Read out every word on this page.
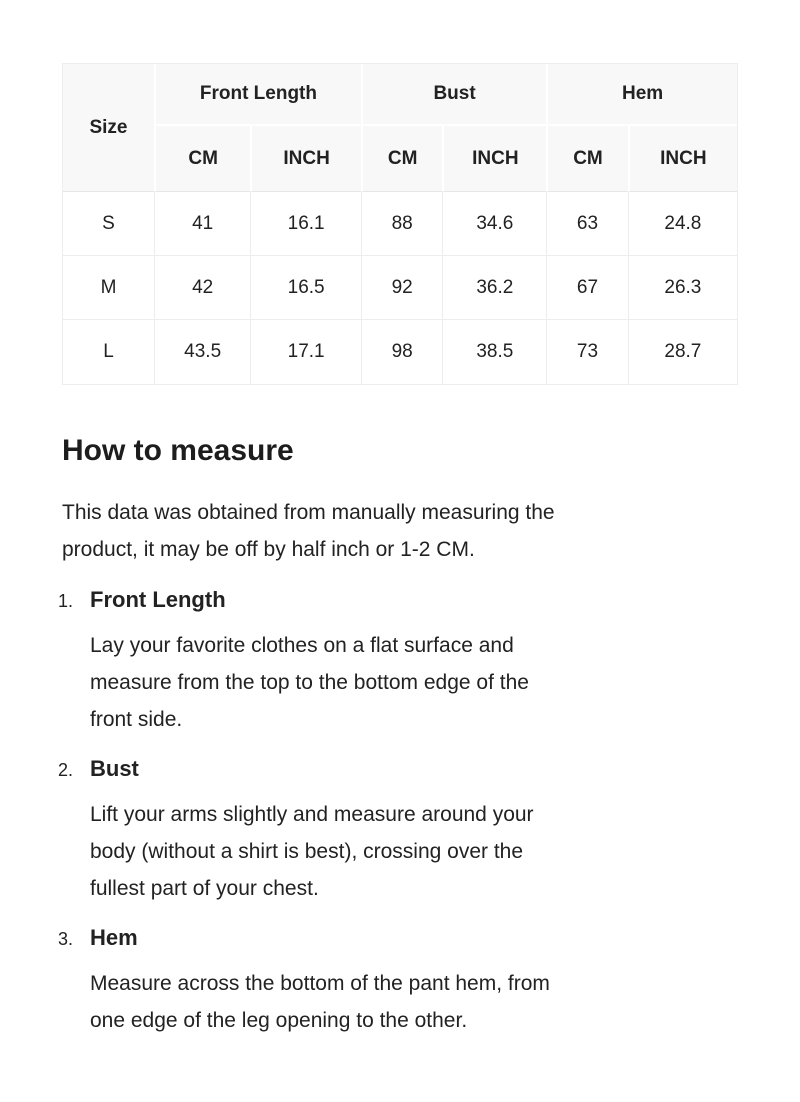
Size	Front Length		Bust		Hem	
	CM	INCH	CM	INCH	CM	INCH
S	41	16.1	88	34.6	63	24.8
M	42	16.5	92	36.2	67	26.3
L	43.5	17.1	98	38.5	73	28.7
How to measure
This data was obtained from manually measuring the
product, it may be off by half inch or 1-2 CM.
1. Front Length
Lay your favorite clothes on a flat surface and
measure from the top to the bottom edge of the
front side.
2. Bust
Lift your arms slightly and measure around your
body (without a shirt is best), crossing over the
fullest part of your chest.
3. Hem
Measure across the bottom of the pant hem, from
one edge of the leg opening to the other.
